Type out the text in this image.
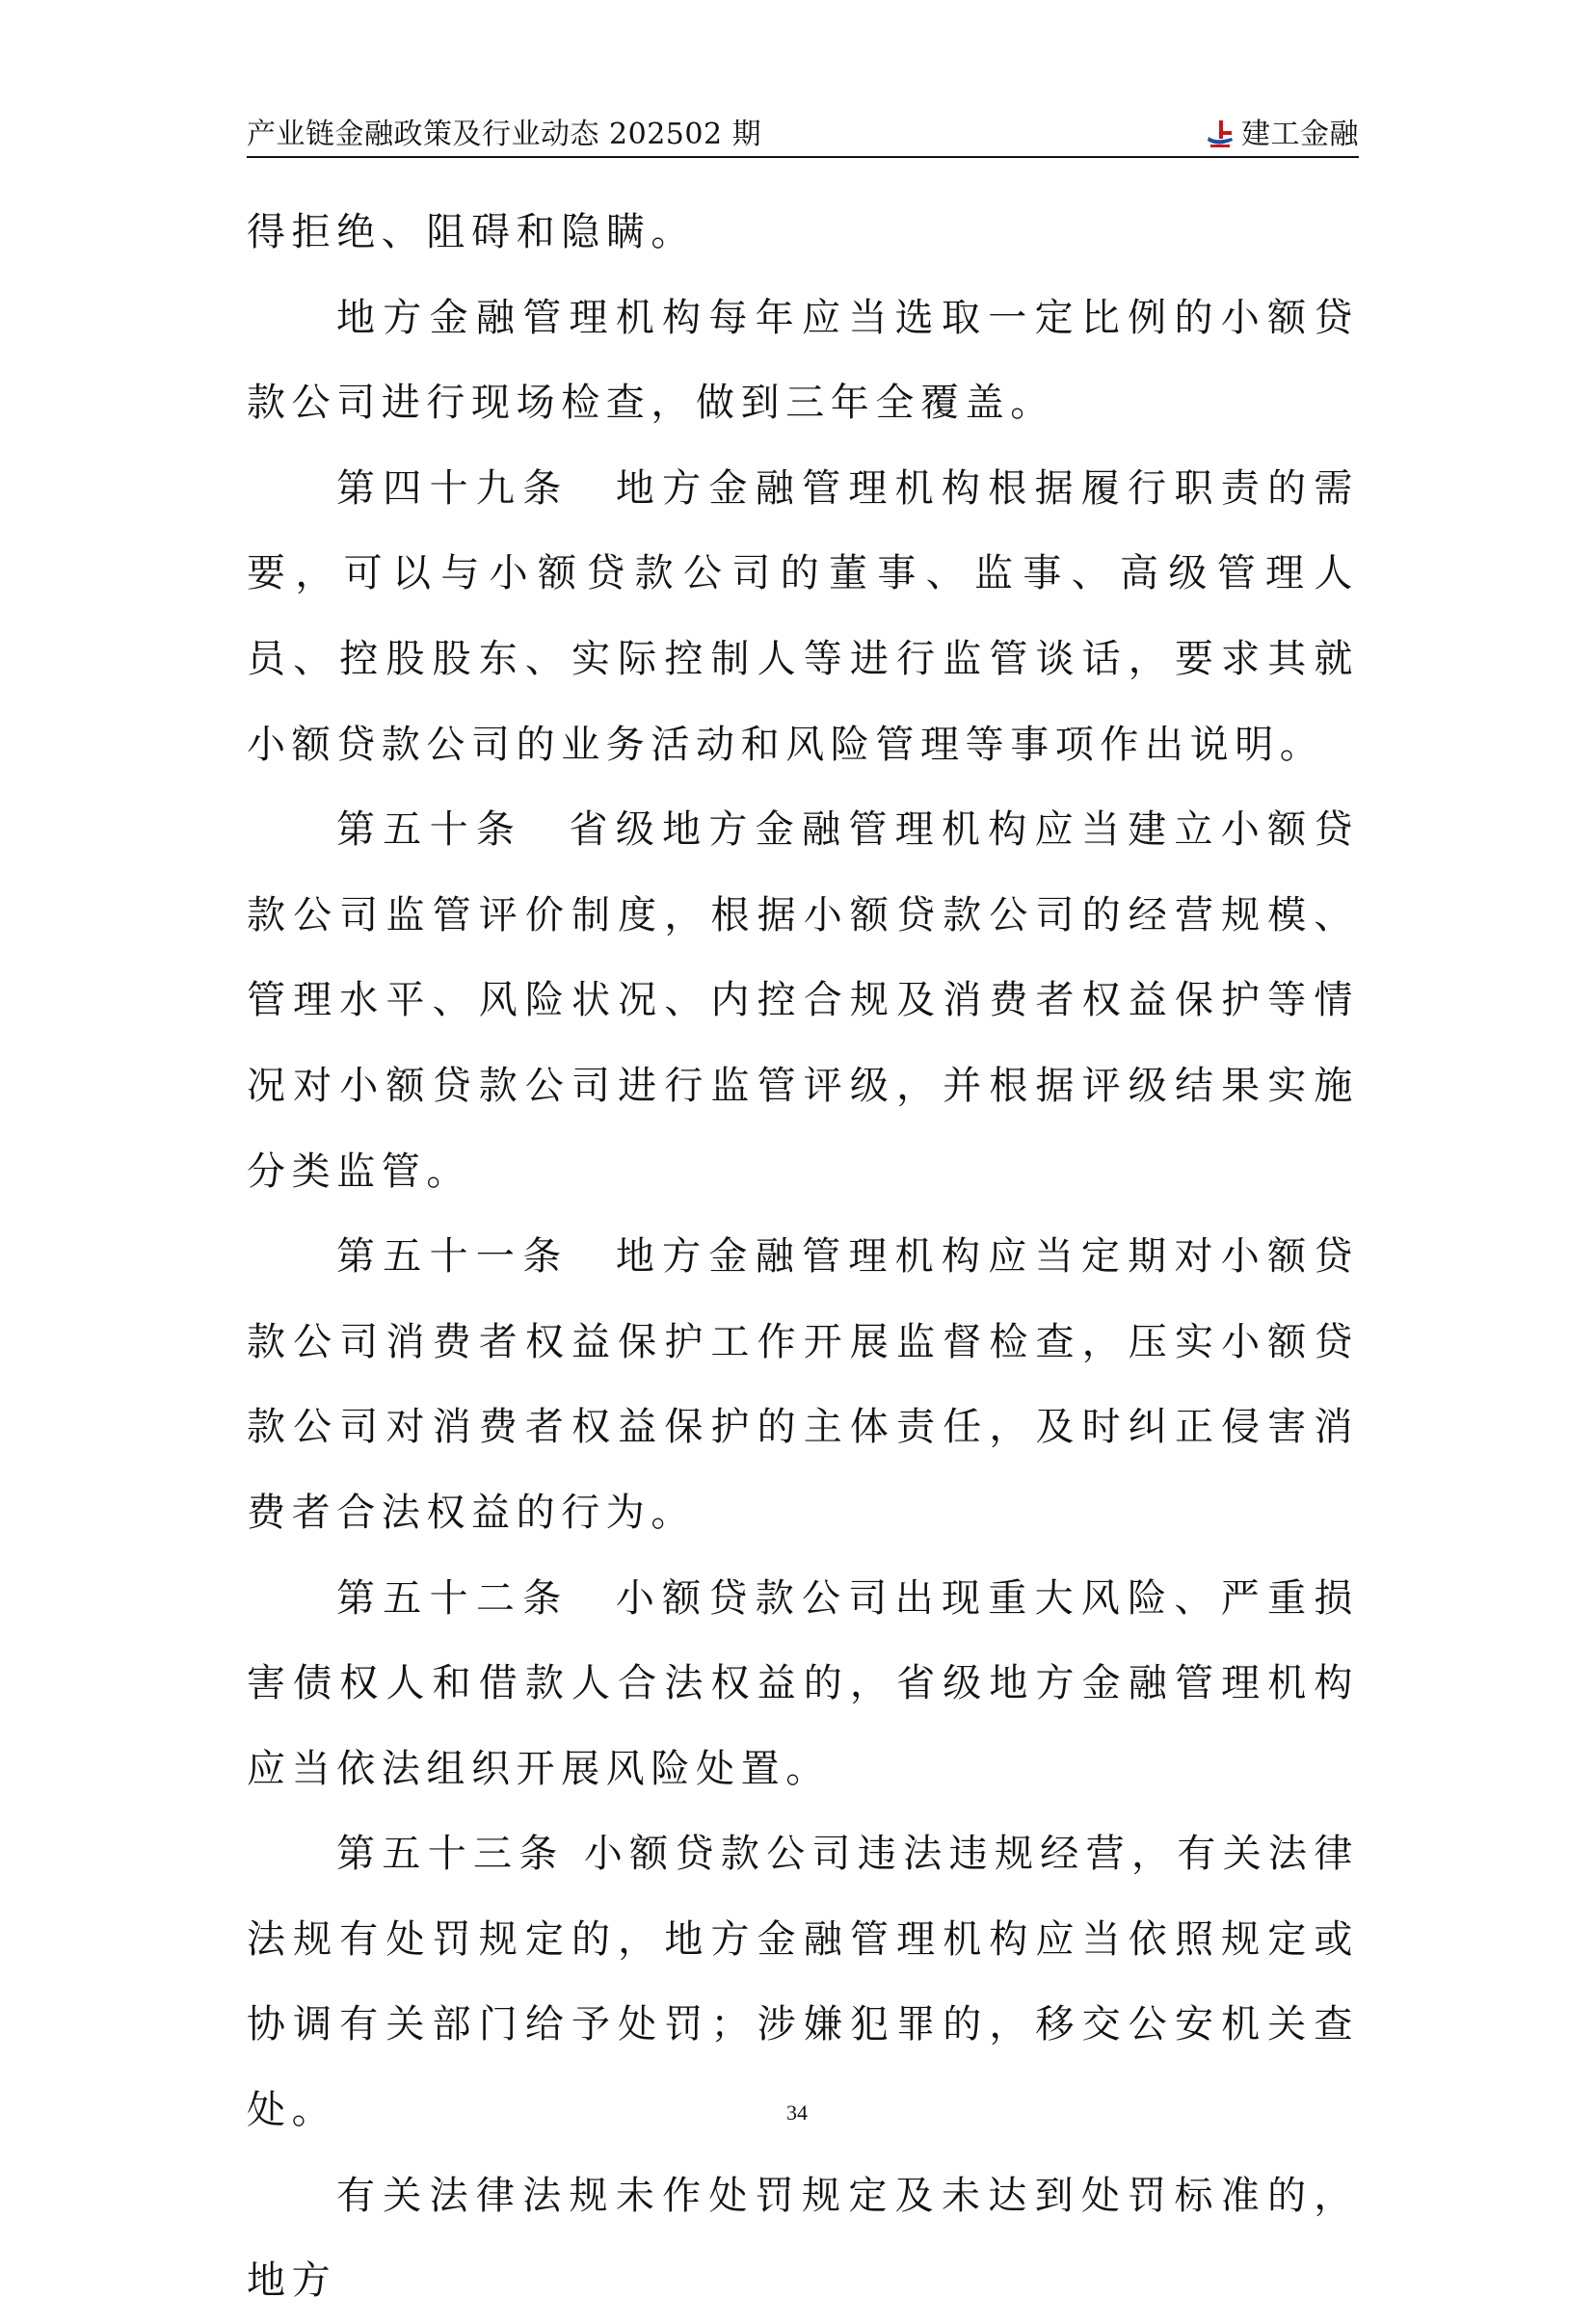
产业链金融政策及行业动态 202502 期	建工金融

得拒绝、阻碍和隐瞒。

地方金融管理机构每年应当选取一定比例的小额贷款公司进行现场检查，做到三年全覆盖。

第四十九条　地方金融管理机构根据履行职责的需要，可以与小额贷款公司的董事、监事、高级管理人员、控股股东、实际控制人等进行监管谈话，要求其就小额贷款公司的业务活动和风险管理等事项作出说明。

第五十条　省级地方金融管理机构应当建立小额贷款公司监管评价制度，根据小额贷款公司的经营规模、管理水平、风险状况、内控合规及消费者权益保护等情况对小额贷款公司进行监管评级，并根据评级结果实施分类监管。

第五十一条　地方金融管理机构应当定期对小额贷款公司消费者权益保护工作开展监督检查，压实小额贷款公司对消费者权益保护的主体责任，及时纠正侵害消费者合法权益的行为。

第五十二条　小额贷款公司出现重大风险、严重损害债权人和借款人合法权益的，省级地方金融管理机构应当依法组织开展风险处置。

第五十三条 小额贷款公司违法违规经营，有关法律法规有处罚规定的，地方金融管理机构应当依照规定或协调有关部门给予处罚；涉嫌犯罪的，移交公安机关查处。

有关法律法规未作处罚规定及未达到处罚标准的，地方

34
